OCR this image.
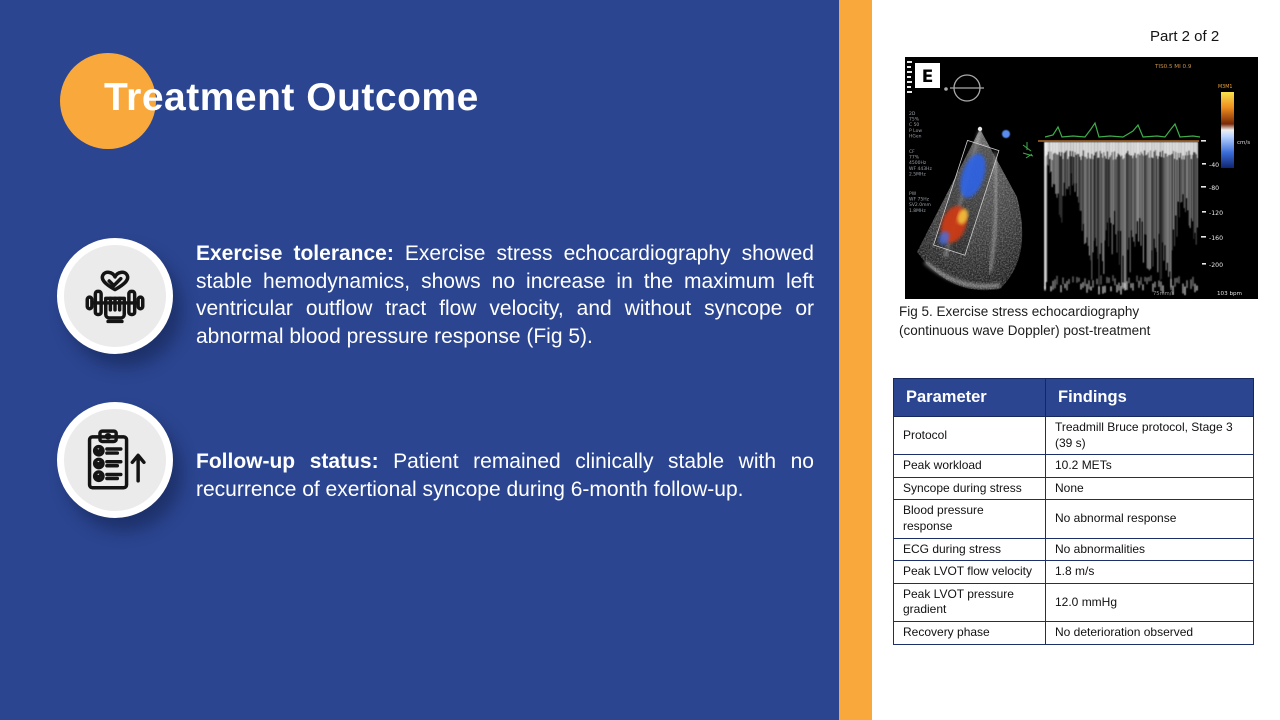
Treatment Outcome

Exercise tolerance: Exercise stress echocardiography showed stable hemodynamics, shows no increase in the maximum left ventricular outflow tract flow velocity, and without syncope or abnormal blood pressure response (Fig 5).

Follow-up status: Patient remained clinically stable with no recurrence of exertional syncope during 6-month follow-up.

Part 2 of 2
E
2D 75% C 50 P Low HGen
CF 77% 4500Hz WF 443Hz 2.5MHz
PW WF 75Hz SV2.0mm 1.8MHz
-40
-80
-120
-160
-200
cm/s
M3M1
TIS0.5 MI 0.9
75mm/s	103 bpm
Fig 5. Exercise stress echocardiography
(continuous wave Doppler) post-treatment
Parameter	Findings
Protocol	Treadmill Bruce protocol, Stage 3 (39 s)
Peak workload	10.2 METs
Syncope during stress	None
Blood pressure response	No abnormal response
ECG during stress	No abnormalities
Peak LVOT flow velocity	1.8 m/s
Peak LVOT pressure gradient	12.0 mmHg
Recovery phase	No deterioration observed
